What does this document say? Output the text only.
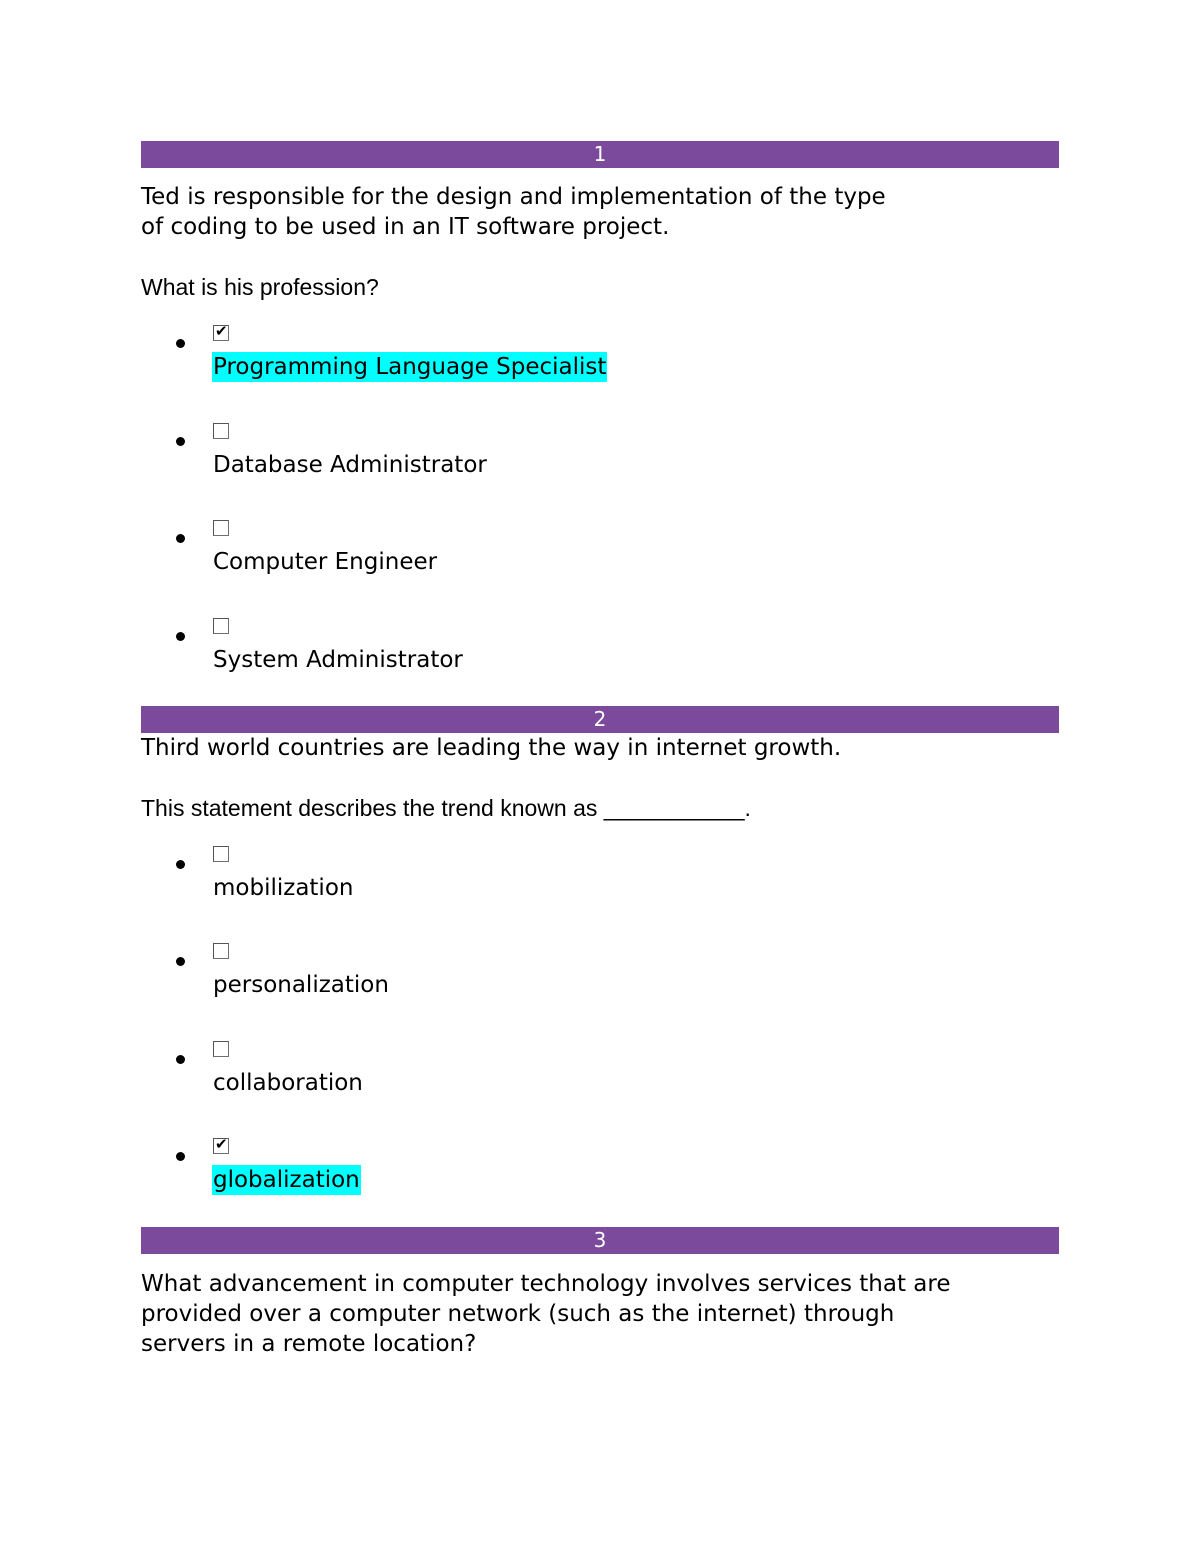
1

Ted is responsible for the design and implementation of the type
of coding to be used in an IT software project.

What is his profession?

✔
Programming Language Specialist
Database Administrator
Computer Engineer
System Administrator
2

Third world countries are leading the way in internet growth.

This statement describes the trend known as ___________.

mobilization
personalization
collaboration
✔
globalization
3

What advancement in computer technology involves services that are
provided over a computer network (such as the internet) through
servers in a remote location?
